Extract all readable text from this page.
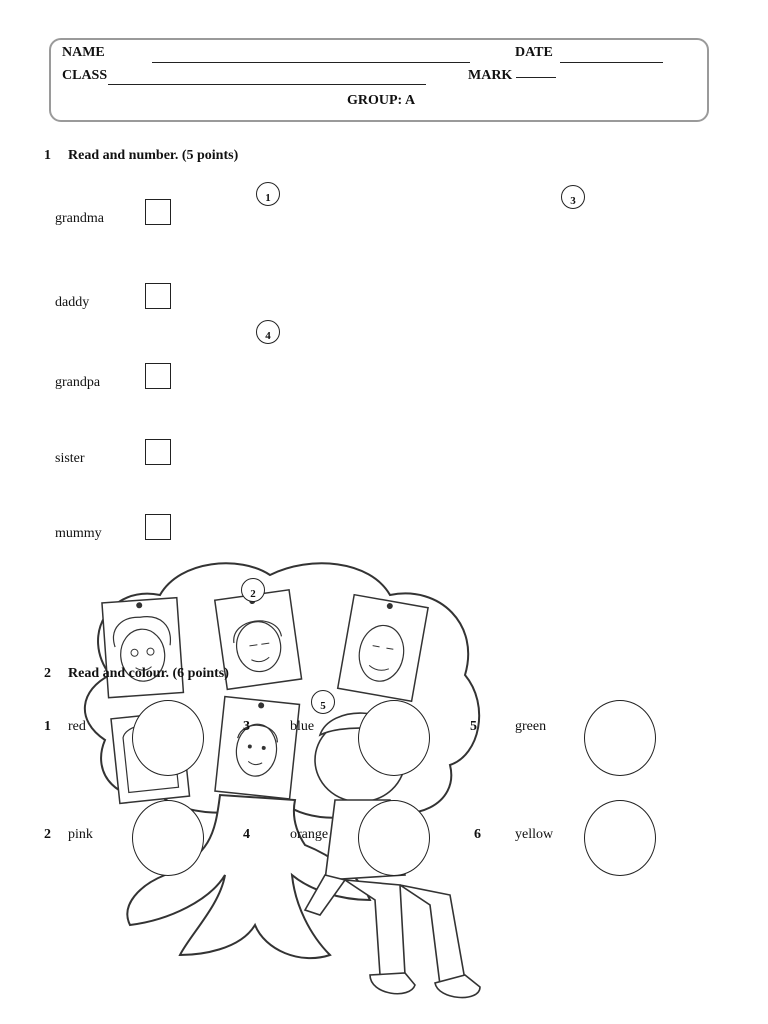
NAME	DATE
CLASS	MARK
GROUP: A
1 Read and number. (5 points)
grandma
daddy
grandpa
sister
mummy
1	3
4
2
5
2 Read and colour. (6 points)
1 red	3	blue	5	green
2 pink	4	orange	6 yellow
